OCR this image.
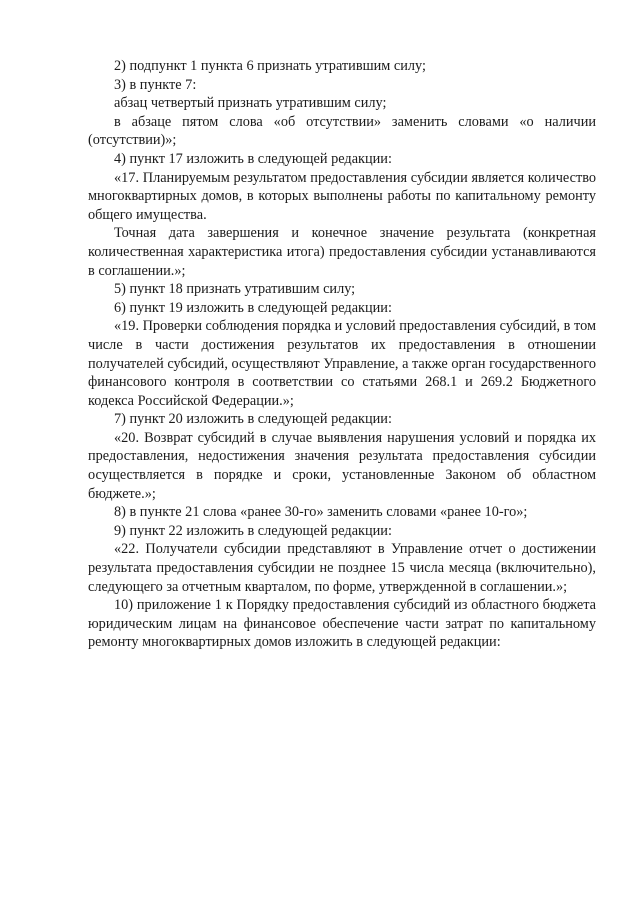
2) подпункт 1 пункта 6 признать утратившим силу;

3) в пункте 7:

абзац четвертый признать утратившим силу;

в абзаце пятом слова «об отсутствии» заменить словами «о наличии (отсутствии)»;

4) пункт 17 изложить в следующей редакции:

«17. Планируемым результатом предоставления субсидии является количество многоквартирных домов, в которых выполнены работы по капитальному ремонту общего имущества.

Точная дата завершения и конечное значение результата (конкретная количественная характеристика итога) предоставления субсидии устанавливаются в соглашении.»;

5) пункт 18 признать утратившим силу;

6) пункт 19 изложить в следующей редакции:

«19. Проверки соблюдения порядка и условий предоставления субсидий, в том числе в части достижения результатов их предоставления в отношении получателей субсидий, осуществляют Управление, а также орган государственного финансового контроля в соответствии со статьями 268.1 и 269.2 Бюджетного кодекса Российской Федерации.»;

7) пункт 20 изложить в следующей редакции:

«20. Возврат субсидий в случае выявления нарушения условий и порядка их предоставления, недостижения значения результата предоставления субсидии осуществляется в порядке и сроки, установленные Законом об областном бюджете.»;

8) в пункте 21 слова «ранее 30-го» заменить словами «ранее 10-го»;

9) пункт 22 изложить в следующей редакции:

«22. Получатели субсидии представляют в Управление отчет о достижении результата предоставления субсидии не позднее 15 числа месяца (включительно), следующего за отчетным кварталом, по форме, утвержденной в соглашении.»;

10) приложение 1 к Порядку предоставления субсидий из областного бюджета юридическим лицам на финансовое обеспечение части затрат по капитальному ремонту многоквартирных домов изложить в следующей редакции:
